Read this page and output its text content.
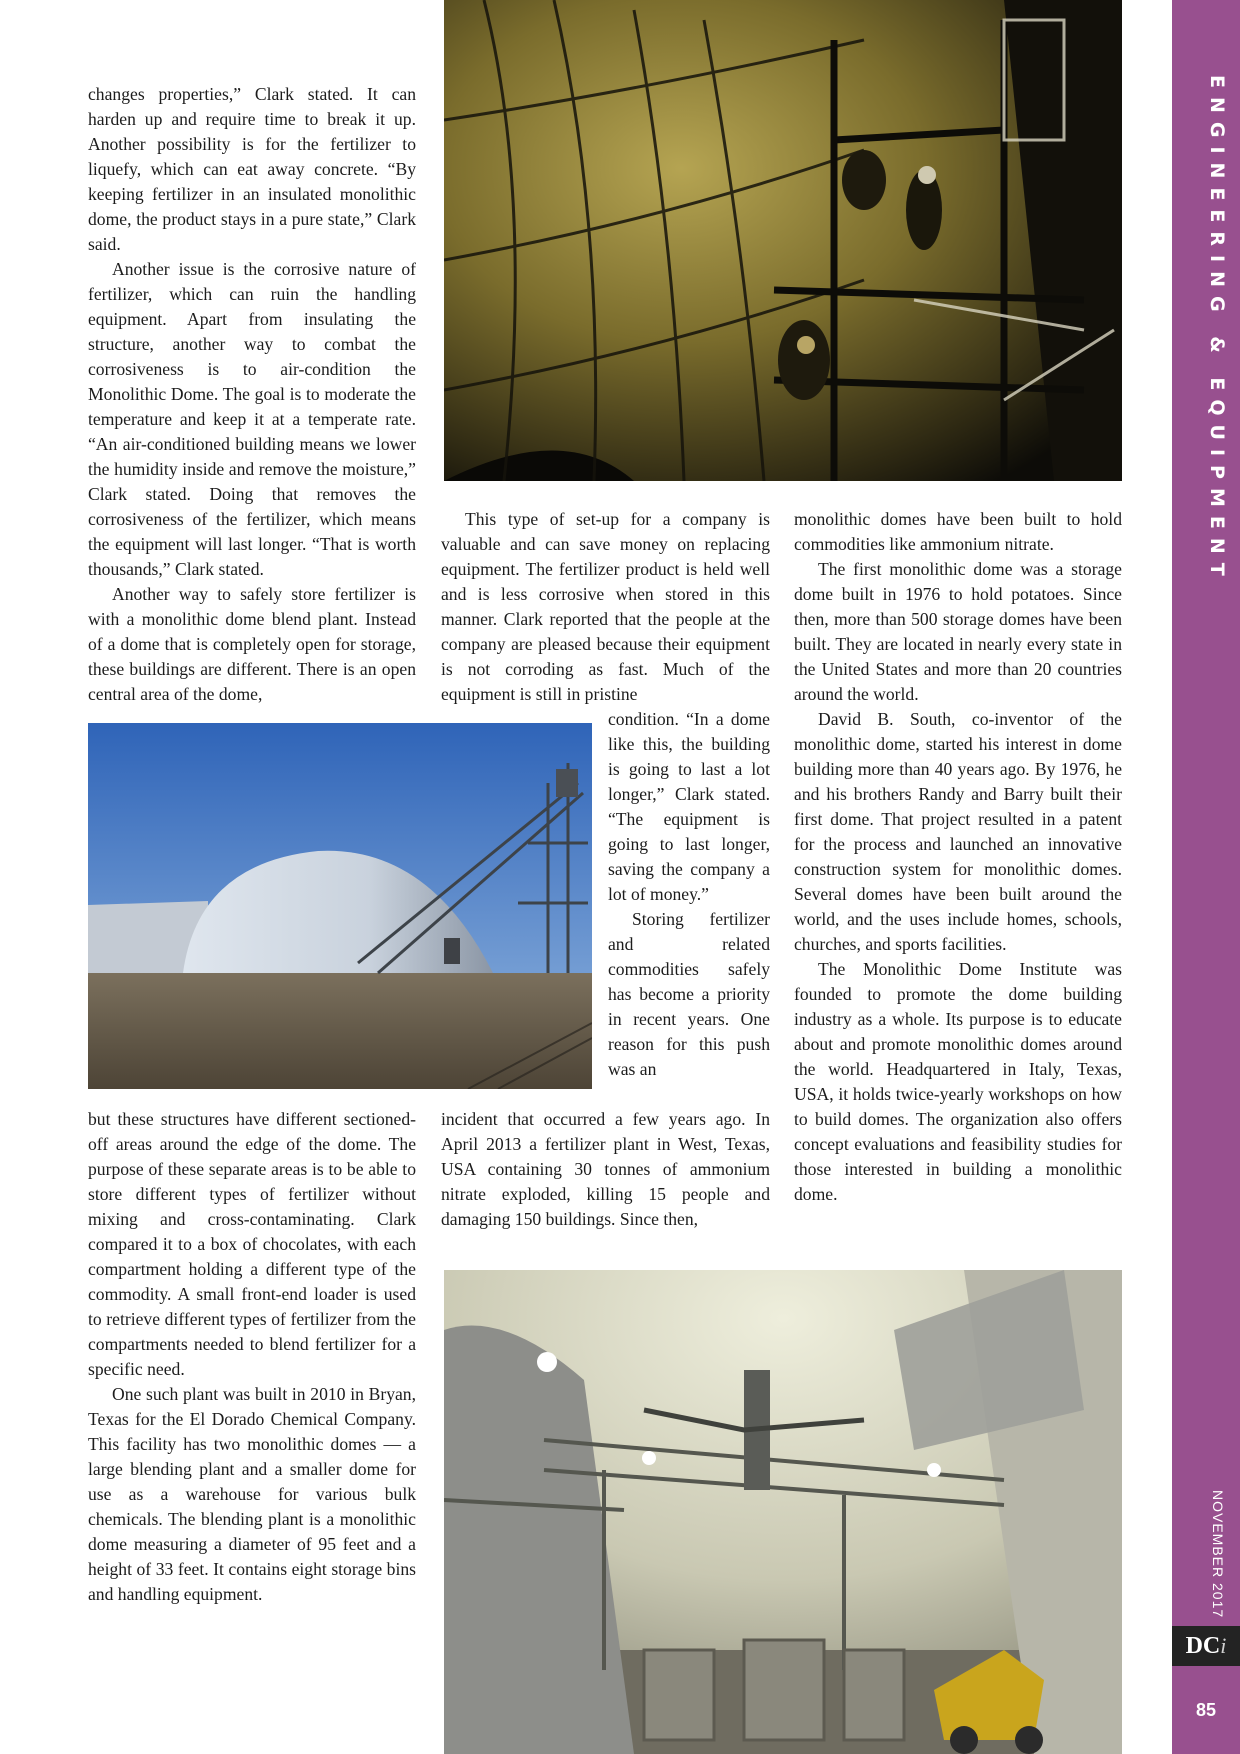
changes properties,” Clark stated. It can harden up and require time to break it up. Another possibility is for the fertilizer to liquefy, which can eat away concrete. “By keeping fertilizer in an insulated monolithic dome, the product stays in a pure state,” Clark said.

Another issue is the corrosive nature of fertilizer, which can ruin the handling equipment. Apart from insulating the structure, another way to combat the corrosiveness is to air-condition the Monolithic Dome. The goal is to moderate the temperature and keep it at a temperate rate. “An air-conditioned building means we lower the humidity inside and remove the moisture,” Clark stated. Doing that removes the corrosiveness of the fertilizer, which means the equipment will last longer. “That is worth thousands,” Clark stated.

Another way to safely store fertilizer is with a monolithic dome blend plant. Instead of a dome that is completely open for storage, these buildings are different. There is an open central area of the dome,

but these structures have different sectioned-off areas around the edge of the dome. The purpose of these separate areas is to be able to store different types of fertilizer without mixing and cross-contaminating. Clark compared it to a box of chocolates, with each compartment holding a different type of the commodity. A small front-end loader is used to retrieve different types of fertilizer from the compartments needed to blend fertilizer for a specific need.

One such plant was built in 2010 in Bryan, Texas for the El Dorado Chemical Company. This facility has two monolithic domes — a large blending plant and a smaller dome for use as a warehouse for various bulk chemicals. The blending plant is a monolithic dome measuring a diameter of 95 feet and a height of 33 feet. It contains eight storage bins and handling equipment.

This type of set-up for a company is valuable and can save money on replacing equipment. The fertilizer product is held well and is less corrosive when stored in this manner. Clark reported that the people at the company are pleased because their equipment is not corroding as fast. Much of the equipment is still in pristine

condition. “In a dome like this, the building is going to last a lot longer,” Clark stated. “The equipment is going to last longer, saving the company a lot of money.”

Storing fertilizer and related commodities safely has become a priority in recent years. One reason for this push was an

incident that occurred a few years ago. In April 2013 a fertilizer plant in West, Texas, USA containing 30 tonnes of ammonium nitrate exploded, killing 15 people and damaging 150 buildings. Since then,

monolithic domes have been built to hold commodities like ammonium nitrate.

The first monolithic dome was a storage dome built in 1976 to hold potatoes. Since then, more than 500 storage domes have been built. They are located in nearly every state in the United States and more than 20 countries around the world.

David B. South, co-inventor of the monolithic dome, started his interest in dome building more than 40 years ago. By 1976, he and his brothers Randy and Barry built their first dome. That project resulted in a patent for the process and launched an innovative construction system for monolithic domes. Several domes have been built around the world, and the uses include homes, schools, churches, and sports facilities.

The Monolithic Dome Institute was founded to promote the dome building industry as a whole. Its purpose is to educate about and promote monolithic domes around the world. Headquartered in Italy, Texas, USA, it holds twice-yearly workshops on how to build domes. The organization also offers concept evaluations and feasibility studies for those interested in building a monolithic dome.

ENGINEERING & EQUIPMENT
NOVEMBER 2017
DC i
85
